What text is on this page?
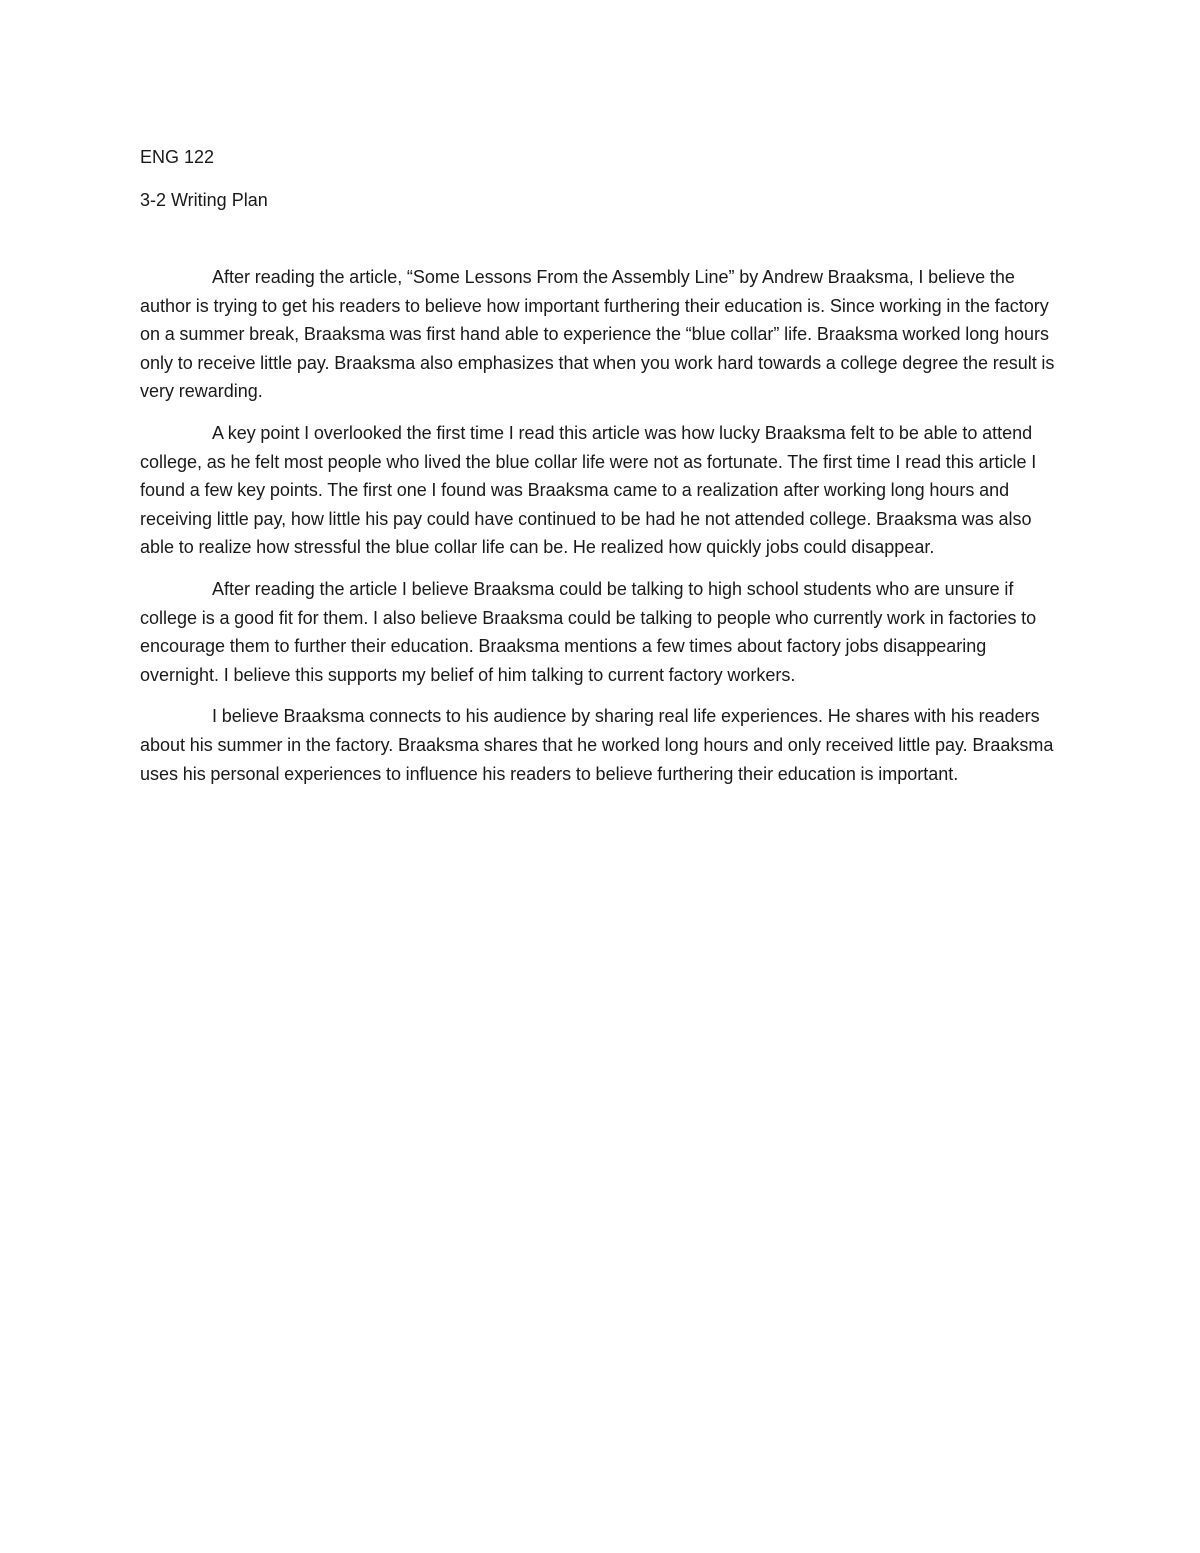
ENG 122

3-2 Writing Plan

After reading the article, “Some Lessons From the Assembly Line” by Andrew Braaksma, I believe the author is trying to get his readers to believe how important furthering their education is. Since working in the factory on a summer break, Braaksma was first hand able to experience the “blue collar” life. Braaksma worked long hours only to receive little pay. Braaksma also emphasizes that when you work hard towards a college degree the result is very rewarding.

A key point I overlooked the first time I read this article was how lucky Braaksma felt to be able to attend college, as he felt most people who lived the blue collar life were not as fortunate. The first time I read this article I found a few key points. The first one I found was Braaksma came to a realization after working long hours and receiving little pay, how little his pay could have continued to be had he not attended college. Braaksma was also able to realize how stressful the blue collar life can be. He realized how quickly jobs could disappear.

After reading the article I believe Braaksma could be talking to high school students who are unsure if college is a good fit for them. I also believe Braaksma could be talking to people who currently work in factories to encourage them to further their education. Braaksma mentions a few times about factory jobs disappearing overnight. I believe this supports my belief of him talking to current factory workers.

I believe Braaksma connects to his audience by sharing real life experiences. He shares with his readers about his summer in the factory. Braaksma shares that he worked long hours and only received little pay. Braaksma uses his personal experiences to influence his readers to believe furthering their education is important.
